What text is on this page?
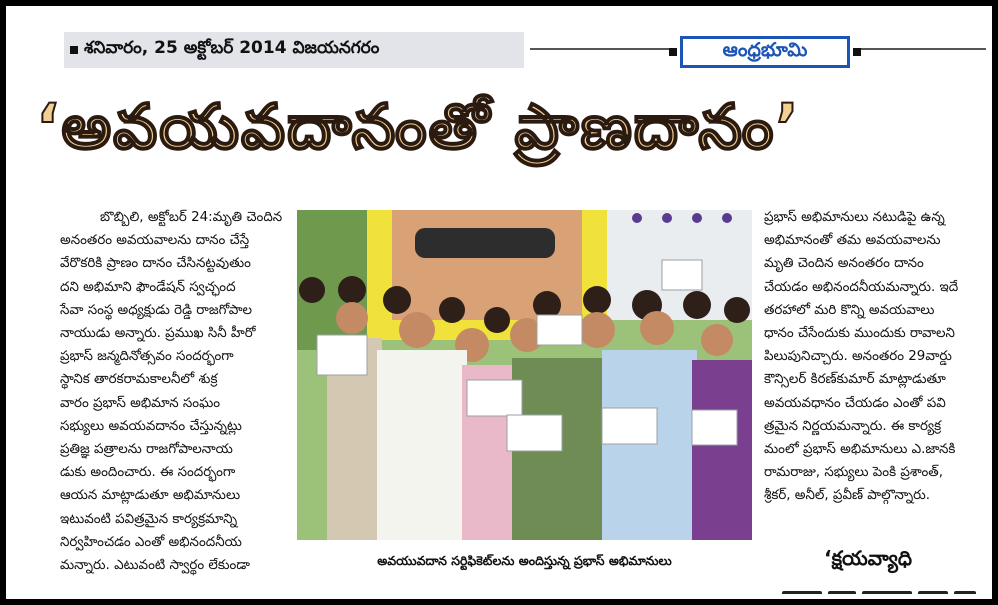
శనివారం, 25 అక్టోబర్ 2014 విజయనగరం	ఆంధ్రభూమి
‘అవయవదానంతో ప్రాణదానం’

బొబ్బిలి, అక్టోబర్ 24:మృతి చెందిన

అనంతరం అవయవాలను దానం చేస్తే

వేరొకరికి ప్రాణం దానం చేసినట్టవుతుం

దని అభిమాని ఫౌండేషన్ స్వచ్ఛంద

సేవా సంస్థ అధ్యక్షుడు రెడ్డి రాజగోపాల

నాయుడు అన్నారు. ప్రముఖ సినీ హీరో

ప్రభాస్ జన్మదినోత్సవం సందర్భంగా

స్థానిక తారకరామకాలనీలో శుక్ర

వారం ప్రభాస్ అభిమాన సంఘం

సభ్యులు అవయవదానం చేస్తున్నట్లు

ప్రతిజ్ఞ పత్రాలను రాజగోపాలనాయ

డుకు అందించారు. ఈ సందర్భంగా

ఆయన మాట్లాడుతూ అభిమానులు

ఇటువంటి పవిత్రమైన కార్యక్రమాన్ని

నిర్వహించడం ఎంతో అభినందనీయ

మన్నారు. ఎటువంటి స్వార్థం లేకుండా	అవయువదాన సర్టిఫికెట్‌లను అందిస్తున్న ప్రభాస్ అభిమానులు

ప్రభాస్ అభిమానులు నటుడిపై ఉన్న

అభిమానంతో తమ అవయవాలను

మృతి చెందిన అనంతరం దానం

చేయడం అభినందనీయమన్నారు. ఇదే

తరహాలో మరి కొన్ని అవయవాలు

ధానం చేసేందుకు ముందుకు రావాలని

పిలుపునిచ్చారు. అనంతరం 29వార్డు

కౌన్సిలర్ కిరణ్‌కుమార్ మాట్లాడుతూ

అవయవధానం చేయడం ఎంతో పవి

త్రమైన నిర్ణయమన్నారు. ఈ కార్యక్ర

మంలో ప్రభాస్ అభిమానులు ఎ.జానకి

రామరాజు, సభ్యులు పెంకి ప్రశాంత్,

శ్రీకర్, అనీల్, ప్రవీణ్ పాల్గొన్నారు.

‘క్షయవ్యాధి
